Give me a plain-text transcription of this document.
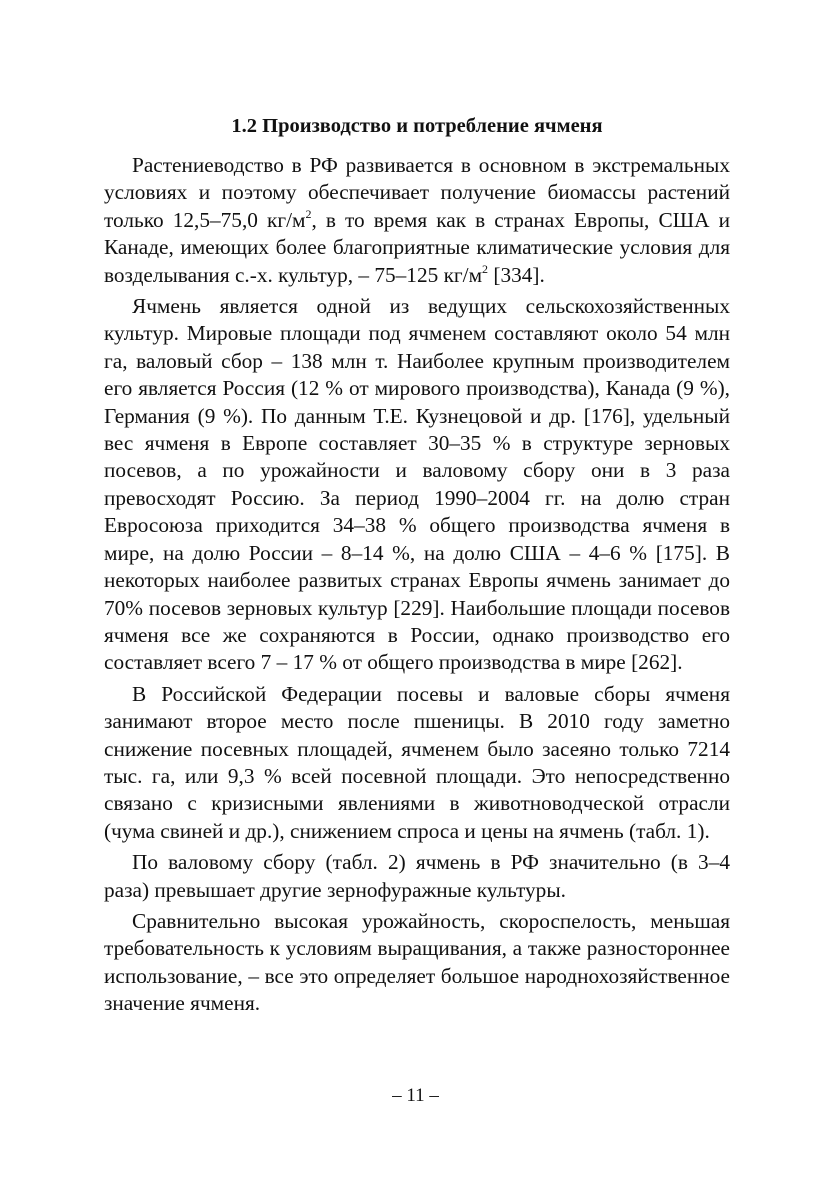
1.2 Производство и потребление ячменя

Растениеводство в РФ развивается в основном в экстремальных условиях и поэтому обеспечивает получение биомассы растений только 12,5–75,0 $кг/м^2$, в то время как в странах Европы, США и Канаде, имеющих более благоприятные климатические условия для возделывания с.-х. культур, – 75–125 $кг/м^2$ [334].

Ячмень является одной из ведущих сельскохозяйственных культур. Мировые площади под ячменем составляют около 54 млн га, валовый сбор – 138 млн т. Наиболее крупным производителем его является Россия (12 % от мирового производства), Канада (9 %), Германия (9 %). По данным Т.Е. Кузнецовой и др. [176], удельный вес ячменя в Европе составляет 30–35 % в структуре зерновых посевов, а по урожайности и валовому сбору они в 3 раза превосходят Россию. За период 1990–2004 гг. на долю стран Евросоюза приходится 34–38 % общего производства ячменя в мире, на долю России – 8–14 %, на долю США – 4–6 % [175]. В некоторых наиболее развитых странах Европы ячмень занимает до 70% посевов зерновых культур [229]. Наибольшие площади посевов ячменя все же сохраняются в России, однако производство его составляет всего 7 – 17 % от общего производства в мире [262].

В Российской Федерации посевы и валовые сборы ячменя занимают второе место после пшеницы. В 2010 году заметно снижение посевных площадей, ячменем было засеяно только 7214 тыс. га, или 9,3 % всей посевной площади. Это непосредственно связано с кризисными явлениями в животноводческой отрасли (чума свиней и др.), снижением спроса и цены на ячмень (табл. 1).

По валовому сбору (табл. 2) ячмень в РФ значительно (в 3–4 раза) превышает другие зернофуражные культуры.

Сравнительно высокая урожайность, скороспелость, меньшая требовательность к условиям выращивания, а также разностороннее использование, – все это определяет большое народнохозяйственное значение ячменя.

– 11 –
